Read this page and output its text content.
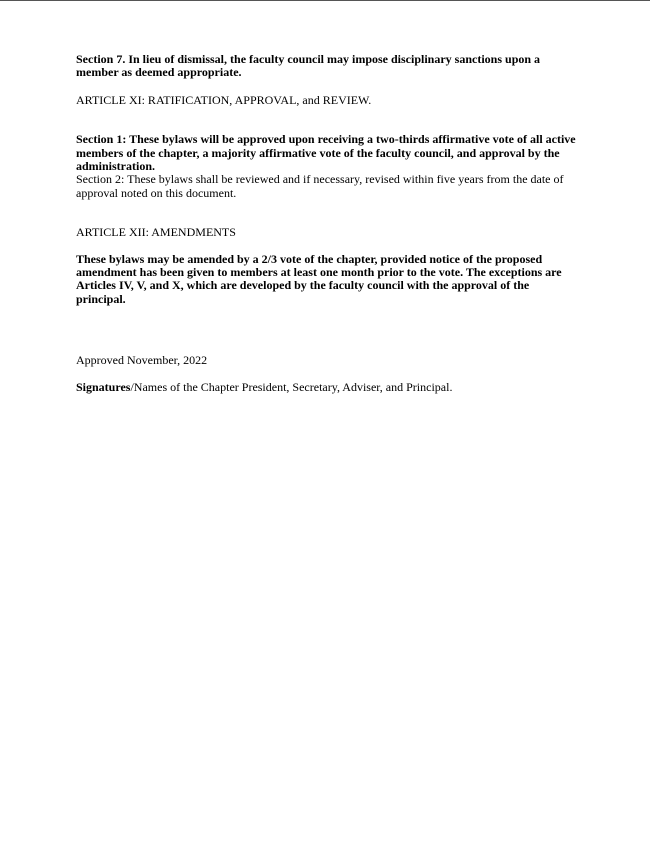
Section 7. In lieu of dismissal, the faculty council may impose disciplinary sanctions upon a member as deemed appropriate.

ARTICLE XI: RATIFICATION, APPROVAL, and REVIEW.

Section 1: These bylaws will be approved upon receiving a two-thirds affirmative vote of all active members of the chapter, a majority affirmative vote of the faculty council, and approval by the administration.

Section 2: These bylaws shall be reviewed and if necessary, revised within five years from the date of approval noted on this document.

ARTICLE XII: AMENDMENTS

These bylaws may be amended by a 2/3 vote of the chapter, provided notice of the proposed amendment has been given to members at least one month prior to the vote. The exceptions are Articles IV, V, and X, which are developed by the faculty council with the approval of the principal.

Approved November, 2022

Signatures/Names of the Chapter President, Secretary, Adviser, and Principal.
